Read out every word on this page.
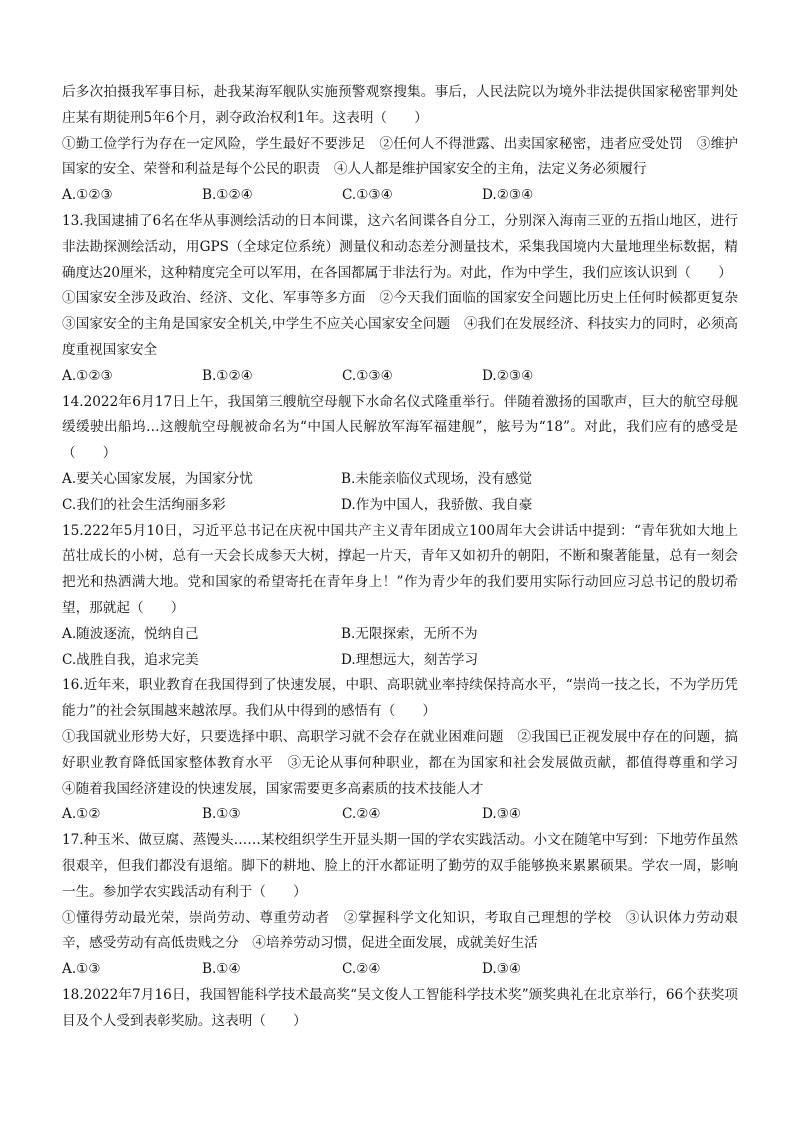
后多次拍摄我军事目标，赴我某海军舰队实施预警观察搜集。事后，人民法院以为境外非法提供国家秘密罪判处庄某有期徒刑5年6个月，剥夺政治权利1年。这表明（　　）

①勤工俭学行为存在一定风险，学生最好不要涉足　②任何人不得泄露、出卖国家秘密，违者应受处罚　③维护国家的安全、荣誉和利益是每个公民的职责　④人人都是维护国家安全的主角，法定义务必须履行

A.①②③	B.①②④	C.①③④	D.②③④

13.我国逮捕了6名在华从事测绘活动的日本间谍，这六名间谍各自分工，分别深入海南三亚的五指山地区，进行非法勘探测绘活动，用GPS（全球定位系统）测量仪和动态差分测量技术，采集我国境内大量地理坐标数据，精确度达20厘米，这种精度完全可以军用，在各国都属于非法行为。对此，作为中学生，我们应该认识到（　　）

①国家安全涉及政治、经济、文化、军事等多方面　②今天我们面临的国家安全问题比历史上任何时候都更复杂　③国家安全的主角是国家安全机关,中学生不应关心国家安全问题　④我们在发展经济、科技实力的同时，必须高度重视国家安全

A.①②③	B.①②④	C.①③④	D.②③④

14.2022年6月17日上午，我国第三艘航空母舰下水命名仪式隆重举行。伴随着激扬的国歌声，巨大的航空母舰缓缓驶出船坞…这艘航空母舰被命名为“中国人民解放军海军福建舰”，舷号为“18”。对此，我们应有的感受是（　　）

A.要关心国家发展，为国家分忧	B.未能亲临仪式现场，没有感觉
C.我们的社会生活绚丽多彩	D.作为中国人，我骄傲、我自豪

15.222年5月10日，习近平总书记在庆祝中国共产主义青年团成立100周年大会讲话中提到：“青年犹如大地上茁壮成长的小树，总有一天会长成参天大树，撑起一片天，青年又如初升的朝阳，不断和聚著能量，总有一刻会把光和热洒满大地。党和国家的希望寄托在青年身上！”作为青少年的我们要用实际行动回应习总书记的殷切希望，那就起（　　）

A.随波逐流，悦纳自己	B.无限探索，无所不为
C.战胜自我，追求完美	D.理想远大，刻苦学习

16.近年来，职业教育在我国得到了快速发展，中职、高职就业率持续保持高水平，“崇尚一技之长，不为学历凭能力”的社会氛围越来越浓厚。我们从中得到的感悟有（　　）

①我国就业形势大好，只要选择中职、高职学习就不会存在就业困难问题　②我国已正视发展中存在的问题，搞好职业教育降低国家整体教育水平　③无论从事何种职业，都在为国家和社会发展做贡献，都值得尊重和学习　④随着我国经济建设的快速发展，国家需要更多高素质的技术技能人才

A.①②	B.①③	C.②④	D.③④

17.种玉米、做豆腐、蒸馒头……某校组织学生开显头期一国的学农实践活动。小文在随笔中写到：下地劳作虽然很艰辛，但我们都没有退缩。脚下的耕地、脸上的汗水都证明了勤劳的双手能够换来累累硕果。学农一周，影响一生。参加学农实践活动有利于（　　）

①懂得劳动最光荣，崇尚劳动、尊重劳动者　②掌握科学文化知识，考取自己理想的学校　③认识体力劳动艰辛，感受劳动有高低贵贱之分　④培养劳动习惯，促进全面发展，成就美好生活

A.①③	B.①④	C.②④	D.③④

18.2022年7月16日，我国智能科学技术最高奖“吴文俊人工智能科学技术奖”颁奖典礼在北京举行，66个获奖项目及个人受到表彰奖励。这表明（　　）
